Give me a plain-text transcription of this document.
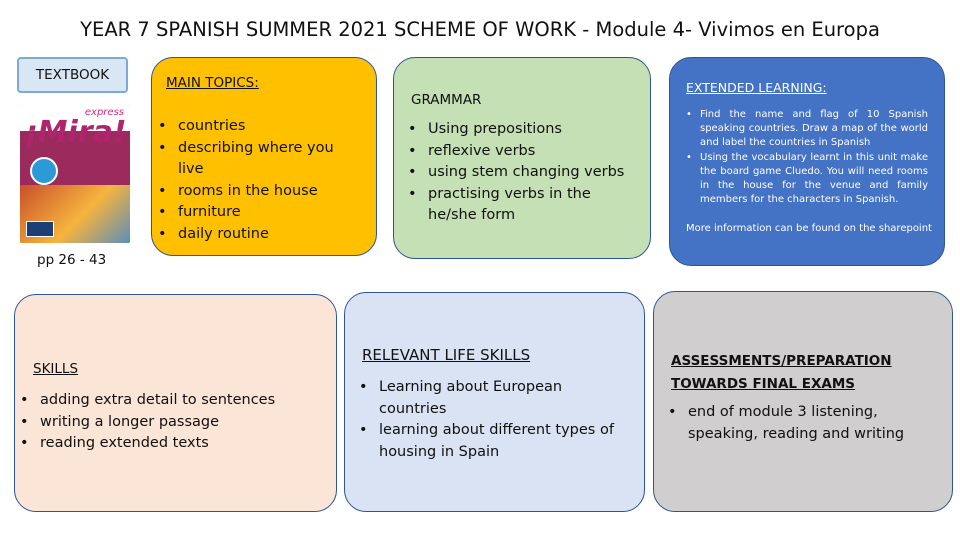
YEAR 7 SPANISH SUMMER 2021 SCHEME OF WORK - Module 4- Vivimos en Europa
TEXTBOOK
express
¡Mira!
pp 26 - 43
MAIN TOPICS:
• countries
• describing where you live
• rooms in the house
• furniture
• daily routine
GRAMMAR
• Using prepositions
• reflexive verbs
• using stem changing verbs
• practising verbs in the he/she form
EXTENDED LEARNING:
• Find the name and flag of 10 Spanish speaking countries. Draw a map of the world and label the countries in Spanish
• Using the vocabulary learnt in this unit make the board game Cluedo. You will need rooms in the house for the venue and family members for the characters in Spanish.
More information can be found on the sharepoint
SKILLS
• adding extra detail to sentences
• writing a longer passage
• reading extended texts
RELEVANT LIFE SKILLS
• Learning about European countries
• learning about different types of housing in Spain
ASSESSMENTS/PREPARATION TOWARDS FINAL EXAMS
• end of module 3 listening, speaking, reading and writing
